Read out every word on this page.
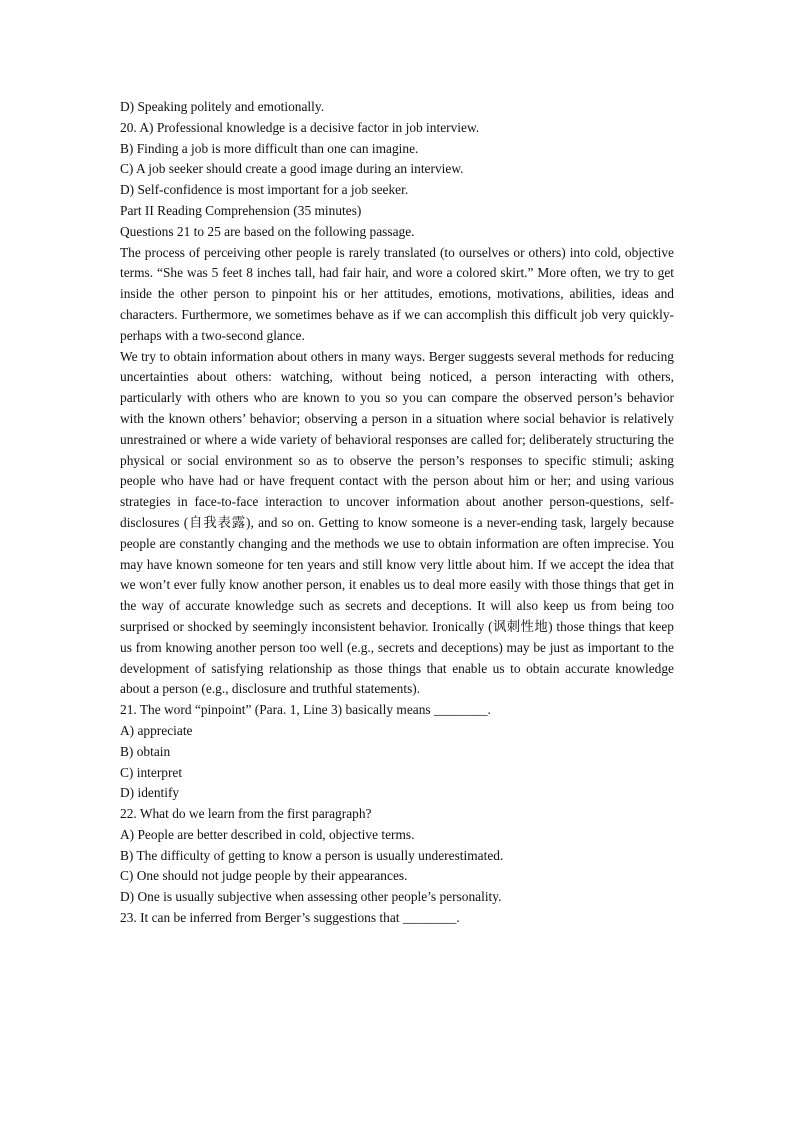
D) Speaking politely and emotionally.
20. A) Professional knowledge is a decisive factor in job interview.
B) Finding a job is more difficult than one can imagine.
C) A job seeker should create a good image during an interview.
D) Self-confidence is most important for a job seeker.
Part II Reading Comprehension (35 minutes)
Questions 21 to 25 are based on the following passage.
The process of perceiving other people is rarely translated (to ourselves or others) into cold, objective terms. “She was 5 feet 8 inches tall, had fair hair, and wore a colored skirt.” More often, we try to get inside the other person to pinpoint his or her attitudes, emotions, motivations, abilities, ideas and characters. Furthermore, we sometimes behave as if we can accomplish this difficult job very quickly-perhaps with a two-second glance.
We try to obtain information about others in many ways. Berger suggests several methods for reducing uncertainties about others: watching, without being noticed, a person interacting with others, particularly with others who are known to you so you can compare the observed person’s behavior with the known others’ behavior; observing a person in a situation where social behavior is relatively unrestrained or where a wide variety of behavioral responses are called for; deliberately structuring the physical or social environment so as to observe the person’s responses to specific stimuli; asking people who have had or have frequent contact with the person about him or her; and using various strategies in face-to-face interaction to uncover information about another person-questions, self-disclosures (自我表露), and so on. Getting to know someone is a never-ending task, largely because people are constantly changing and the methods we use to obtain information are often imprecise. You may have known someone for ten years and still know very little about him. If we accept the idea that we won’t ever fully know another person, it enables us to deal more easily with those things that get in the way of accurate knowledge such as secrets and deceptions. It will also keep us from being too surprised or shocked by seemingly inconsistent behavior. Ironically (讽刺性地) those things that keep us from knowing another person too well (e.g., secrets and deceptions) may be just as important to the development of satisfying relationship as those things that enable us to obtain accurate knowledge about a person (e.g., disclosure and truthful statements).
21. The word “pinpoint” (Para. 1, Line 3) basically means ________.
A) appreciate
B) obtain
C) interpret
D) identify
22. What do we learn from the first paragraph?
A) People are better described in cold, objective terms.
B) The difficulty of getting to know a person is usually underestimated.
C) One should not judge people by their appearances.
D) One is usually subjective when assessing other people’s personality.
23. It can be inferred from Berger’s suggestions that ________.
